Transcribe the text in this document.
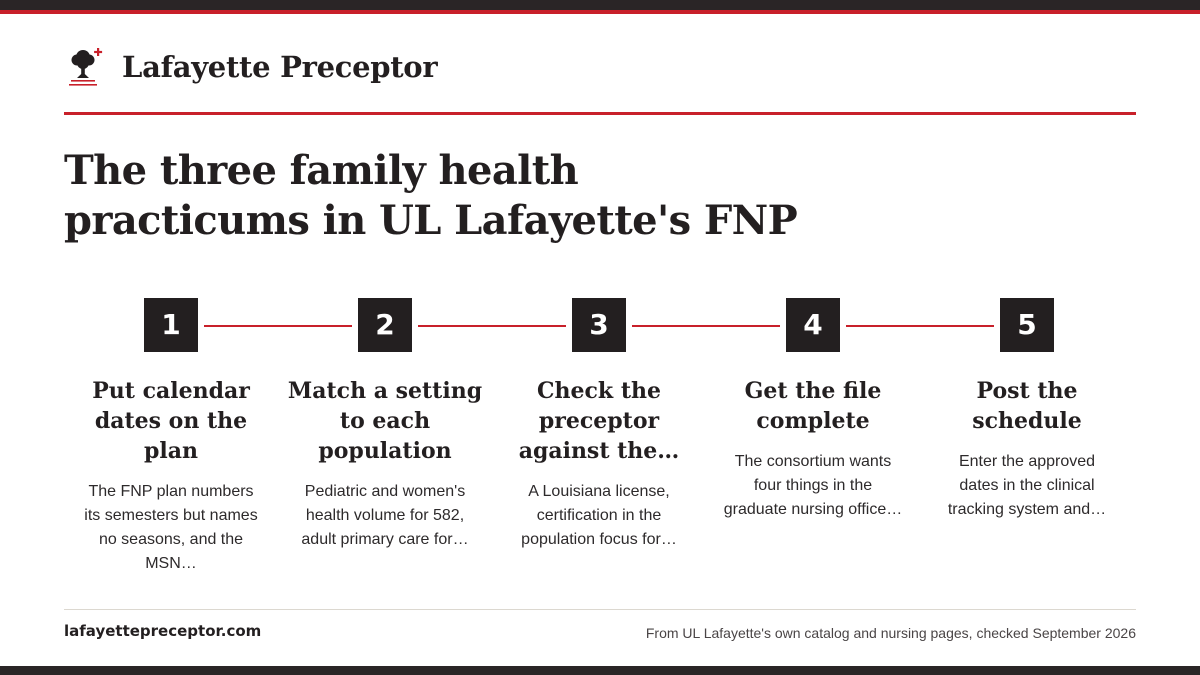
Lafayette Preceptor
The three family health
practicums in UL Lafayette's FNP
1
Put calendar
dates on the
plan
The FNP plan numbers
its semesters but names
no seasons, and the MSN…
2
Match a setting
to each
population
Pediatric and women's
health volume for 582,
adult primary care for…
3
Check the
preceptor
against the…
A Louisiana license,
certification in the
population focus for…
4
Get the file
complete
The consortium wants
four things in the
graduate nursing office…
5
Post the
schedule
Enter the approved
dates in the clinical
tracking system and…
lafayettepreceptor.com	From UL Lafayette's own catalog and nursing pages, checked September 2026
